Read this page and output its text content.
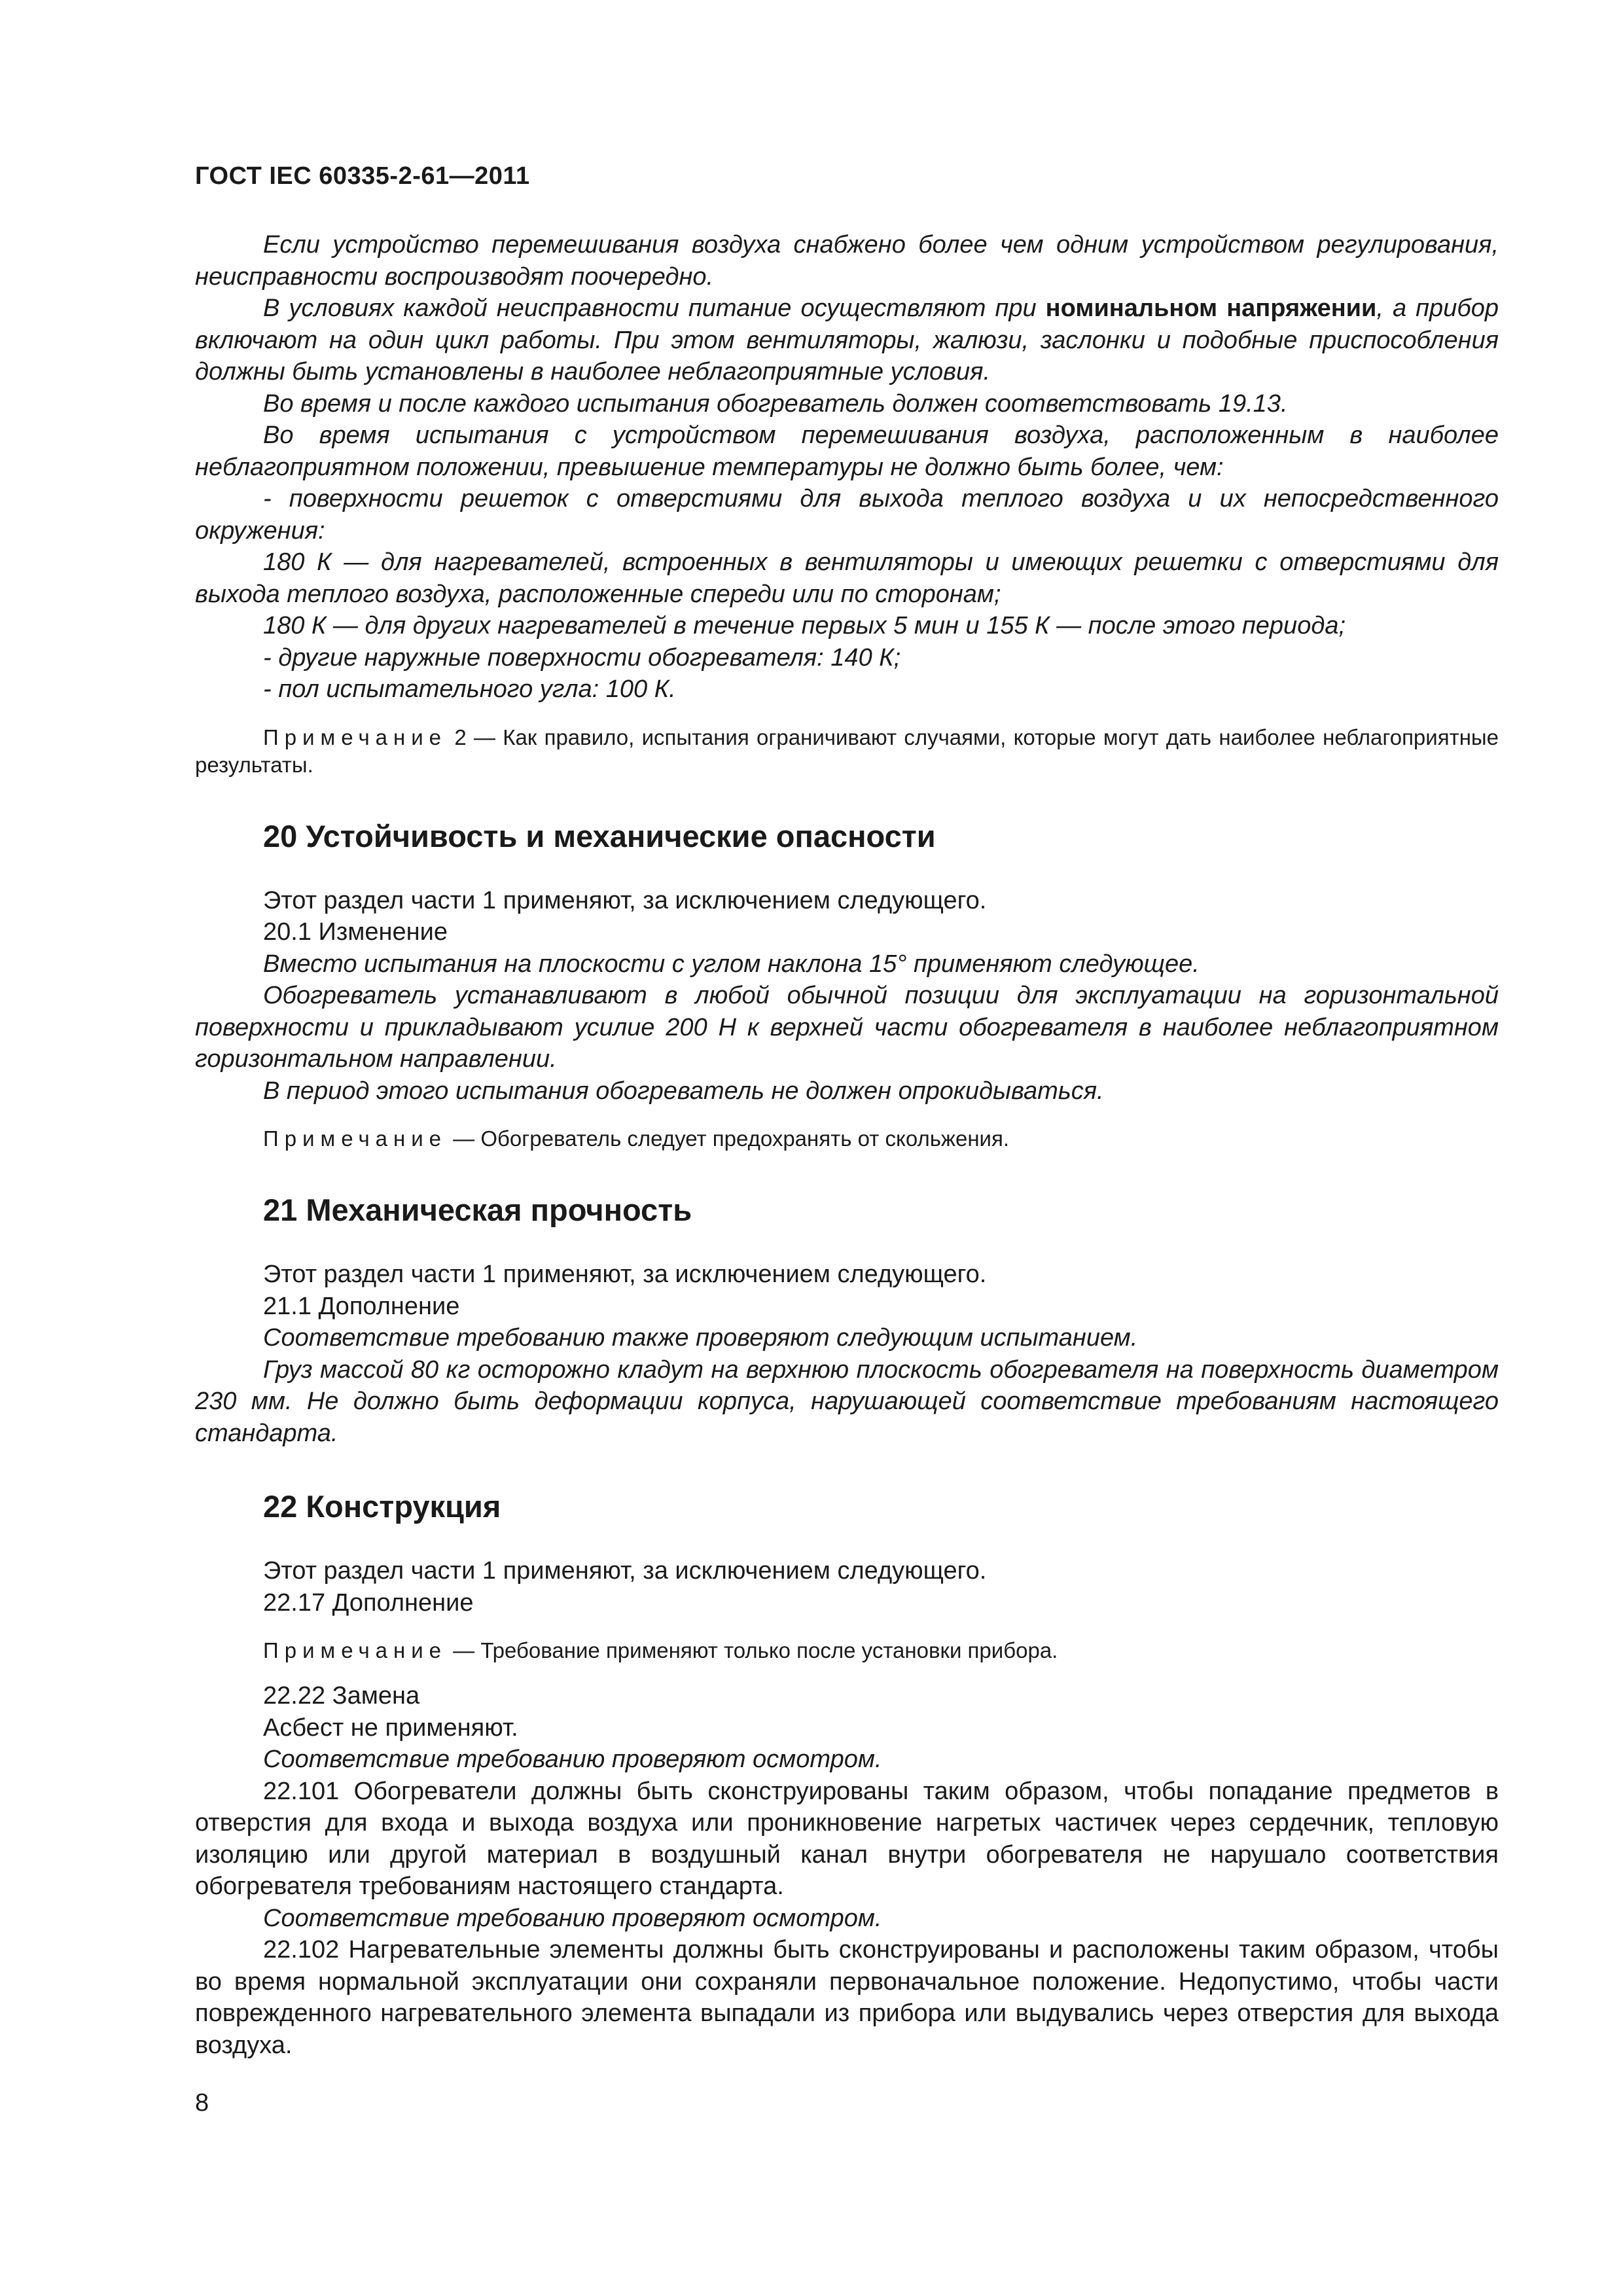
ГОСТ IEC 60335-2-61—2011

Если устройство перемешивания воздуха снабжено более чем одним устройством регулирования, неисправности воспроизводят поочередно.

В условиях каждой неисправности питание осуществляют при номинальном напряжении, а прибор включают на один цикл работы. При этом вентиляторы, жалюзи, заслонки и подобные приспособления должны быть установлены в наиболее неблагоприятные условия.

Во время и после каждого испытания обогреватель должен соответствовать 19.13.

Во время испытания с устройством перемешивания воздуха, расположенным в наиболее неблагоприятном положении, превышение температуры не должно быть более, чем:

- поверхности решеток с отверстиями для выхода теплого воздуха и их непосредственного окружения:

180 К — для нагревателей, встроенных в вентиляторы и имеющих решетки с отверстиями для выхода теплого воздуха, расположенные спереди или по сторонам;

180 К — для других нагревателей в течение первых 5 мин и 155 К — после этого периода;

- другие наружные поверхности обогревателя: 140 К;

- пол испытательного угла: 100 К.

Примечание 2 — Как правило, испытания ограничивают случаями, которые могут дать наиболее неблагоприятные результаты.

20 Устойчивость и механические опасности

Этот раздел части 1 применяют, за исключением следующего.

20.1 Изменение

Вместо испытания на плоскости с углом наклона 15° применяют следующее.

Обогреватель устанавливают в любой обычной позиции для эксплуатации на горизонтальной поверхности и прикладывают усилие 200 Н к верхней части обогревателя в наиболее неблагоприятном горизонтальном направлении.

В период этого испытания обогреватель не должен опрокидываться.

Примечание — Обогреватель следует предохранять от скольжения.

21 Механическая прочность

Этот раздел части 1 применяют, за исключением следующего.

21.1 Дополнение

Соответствие требованию также проверяют следующим испытанием.

Груз массой 80 кг осторожно кладут на верхнюю плоскость обогревателя на поверхность диаметром 230 мм. Не должно быть деформации корпуса, нарушающей соответствие требованиям настоящего стандарта.

22 Конструкция

Этот раздел части 1 применяют, за исключением следующего.

22.17 Дополнение

Примечание — Требование применяют только после установки прибора.

22.22 Замена

Асбест не применяют.

Соответствие требованию проверяют осмотром.

22.101 Обогреватели должны быть сконструированы таким образом, чтобы попадание предметов в отверстия для входа и выхода воздуха или проникновение нагретых частичек через сердечник, тепловую изоляцию или другой материал в воздушный канал внутри обогревателя не нарушало соответствия обогревателя требованиям настоящего стандарта.

Соответствие требованию проверяют осмотром.

22.102 Нагревательные элементы должны быть сконструированы и расположены таким образом, чтобы во время нормальной эксплуатации они сохраняли первоначальное положение. Недопустимо, чтобы части поврежденного нагревательного элемента выпадали из прибора или выдувались через отверстия для выхода воздуха.

8
